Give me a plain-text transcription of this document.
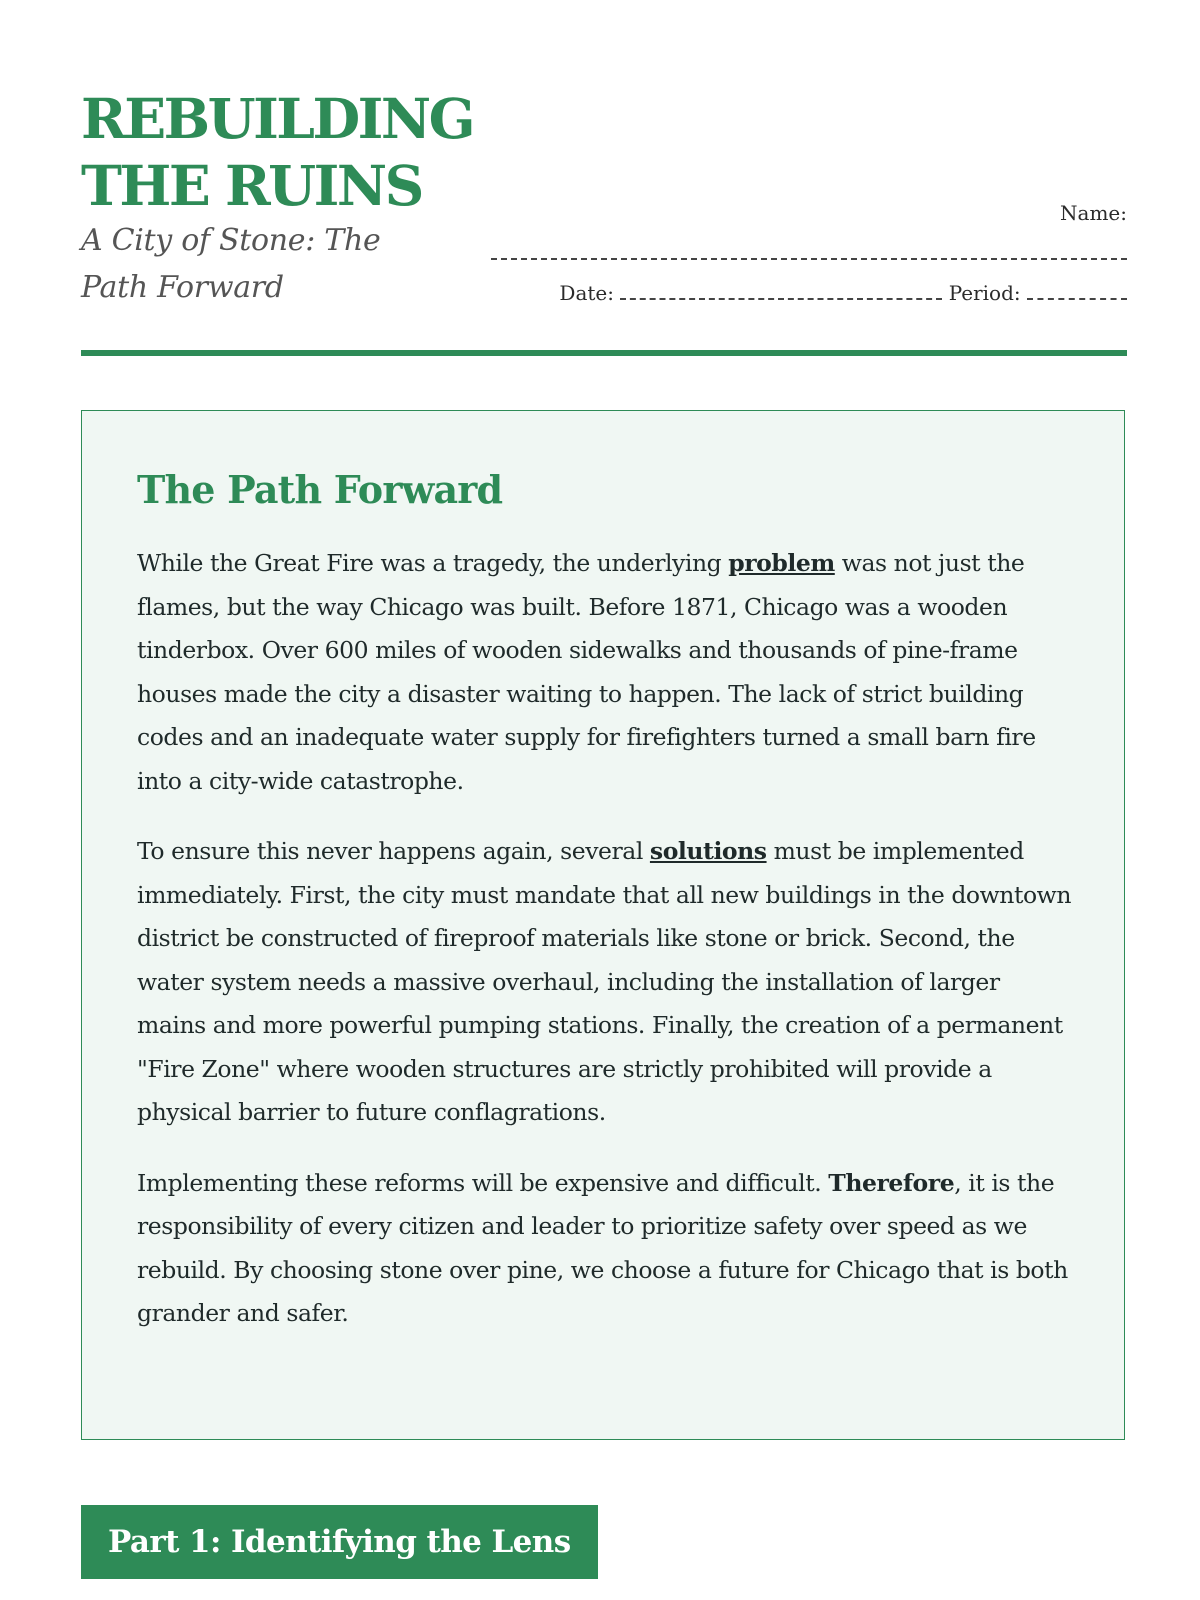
REBUILDING THE RUINS
A City of Stone: The Path Forward
Name:
Date:	Period:
The Path Forward

While the Great Fire was a tragedy, the underlying problem was not just the flames, but the way Chicago was built. Before 1871, Chicago was a wooden tinderbox. Over 600 miles of wooden sidewalks and thousands of pine-frame houses made the city a disaster waiting to happen. The lack of strict building codes and an inadequate water supply for firefighters turned a small barn fire into a city-wide catastrophe.

To ensure this never happens again, several solutions must be implemented immediately. First, the city must mandate that all new buildings in the downtown district be constructed of fireproof materials like stone or brick. Second, the water system needs a massive overhaul, including the installation of larger mains and more powerful pumping stations. Finally, the creation of a permanent "Fire Zone" where wooden structures are strictly prohibited will provide a physical barrier to future conflagrations.

Implementing these reforms will be expensive and difficult. Therefore, it is the responsibility of every citizen and leader to prioritize safety over speed as we rebuild. By choosing stone over pine, we choose a future for Chicago that is both grander and safer.

Part 1: Identifying the Lens
